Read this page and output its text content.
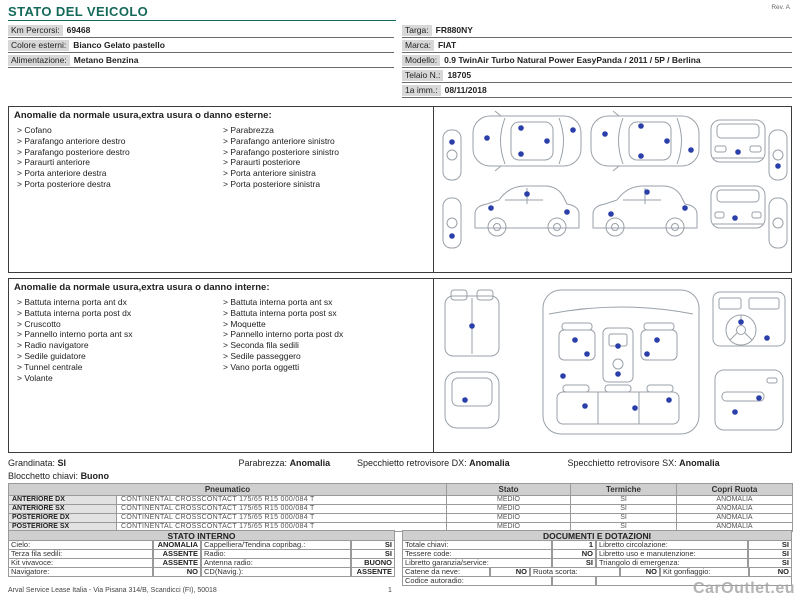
STATO DEL VEICOLO	Rev. A
Km Percorsi: 69468
Colore esterni: Bianco Gelato pastello
Alimentazione: Metano Benzina
Targa: FR880NY
Marca: FIAT
Modello: 0.9 TwinAir Turbo Natural Power EasyPanda / 2011 / 5P / Berlina
Telaio N.: 18705
1a imm.: 08/11/2018
Anomalie da normale usura,extra usura o danno esterne:
> Cofano
> Parafango anteriore destro
> Parafango posteriore destro
> Paraurti anteriore
> Porta anteriore destra
> Porta posteriore destra
> Parabrezza
> Parafango anteriore sinistro
> Parafango posteriore sinistro
> Paraurti posteriore
> Porta anteriore sinistra
> Porta posteriore sinistra
Anomalie da normale usura,extra usura o danno interne:
> Battuta interna porta ant dx
> Battuta interna porta post dx
> Cruscotto
> Pannello interno porta ant sx
> Radio navigatore
> Sedile guidatore
> Tunnel centrale
> Volante
> Battuta interna porta ant sx
> Battuta interna porta post sx
> Moquette
> Pannello interno porta post dx
> Seconda fila sedili
> Sedile passeggero
> Vano porta oggetti
Grandinata: SI	Parabrezza: Anomalia	Specchietto retrovisore DX: Anomalia	Specchietto retrovisore SX: Anomalia
Blocchetto chiavi: Buono
Pneumatico		Stato	Termiche	Copri Ruota
ANTERIORE DX	CONTINENTAL CROSSCONTACT 175/65 R15 000/084 T	MEDIO	SI	ANOMALIA
ANTERIORE SX	CONTINENTAL CROSSCONTACT 175/65 R15 000/084 T	MEDIO	SI	ANOMALIA
POSTERIORE DX	CONTINENTAL CROSSCONTACT 175/65 R15 000/084 T	MEDIO	SI	ANOMALIA
POSTERIORE SX	CONTINENTAL CROSSCONTACT 175/65 R15 000/084 T	MEDIO	SI	ANOMALIA
STATO INTERNO
Cielo:	ANOMALIA Cappelliera/Tendina copribag.:	SI
Terza fila sedili:	ASSENTE Radio:	SI
Kit vivavoce:	ASSENTE Antenna radio:	BUONO
Navigatore:	NO CD(Navig.):	ASSENTE
DOCUMENTI E DOTAZIONI
Totale chiavi:	1 Libretto circolazione:	SI
Tessere code:	NO Libretto uso e manutenzione:	SI
Libretto garanzia/service:	SI Triangolo di emergenza:	SI
Catene da neve:	NO Ruota scorta:	NO Kit gonfiaggio:	NO
Codice autoradio:
Arval Service Lease Italia - Via Pisana 314/B, Scandicci (FI), 50018	1	CarOutlet.eu
